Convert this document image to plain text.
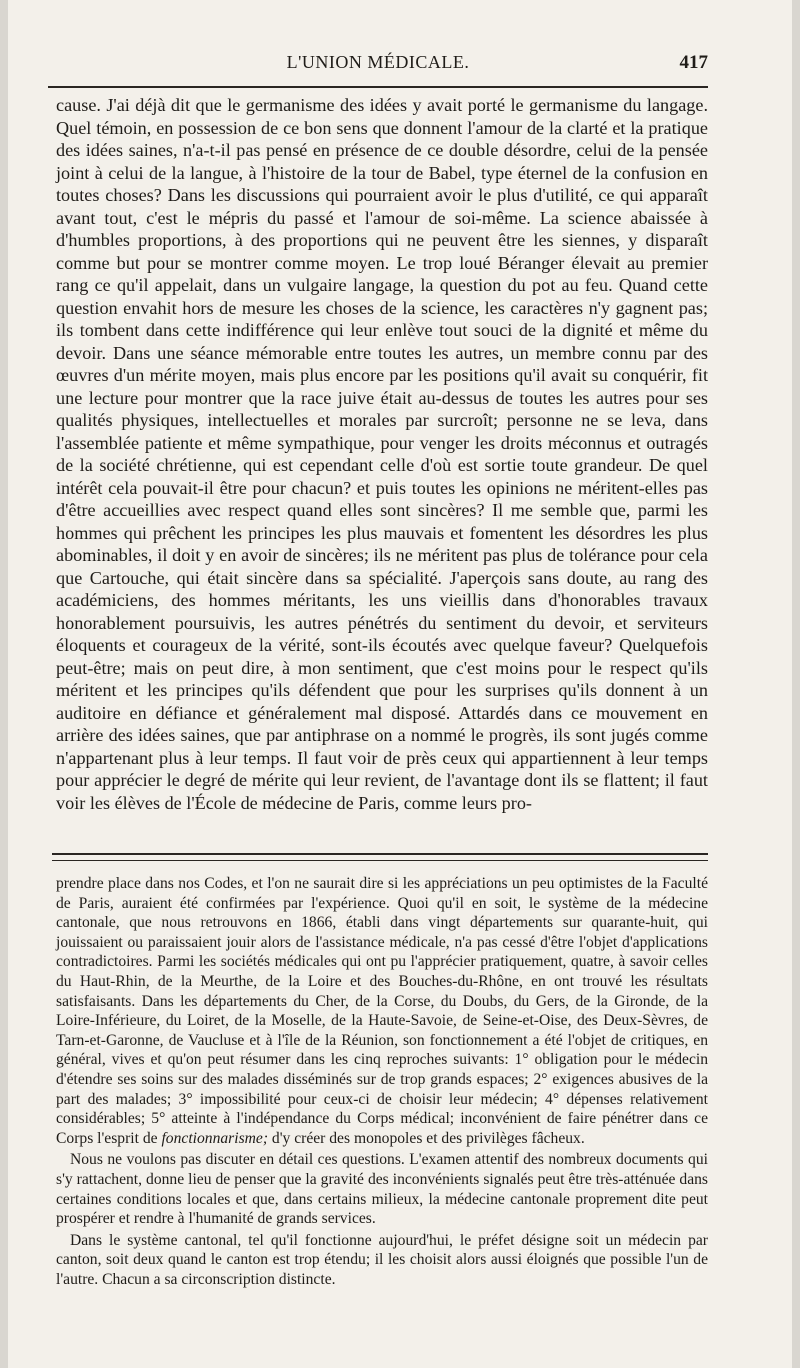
L'UNION MÉDICALE.	417

cause. J'ai déjà dit que le germanisme des idées y avait porté le germanisme du langage. Quel témoin, en possession de ce bon sens que donnent l'amour de la clarté et la pratique des idées saines, n'a-t-il pas pensé en présence de ce double désordre, celui de la pensée joint à celui de la langue, à l'histoire de la tour de Babel, type éternel de la confusion en toutes choses? Dans les discussions qui pourraient avoir le plus d'utilité, ce qui apparaît avant tout, c'est le mépris du passé et l'amour de soi-même. La science abaissée à d'humbles proportions, à des proportions qui ne peuvent être les siennes, y disparaît comme but pour se montrer comme moyen. Le trop loué Béranger élevait au premier rang ce qu'il appelait, dans un vulgaire langage, la question du pot au feu. Quand cette question envahit hors de mesure les choses de la science, les caractères n'y gagnent pas; ils tombent dans cette indifférence qui leur enlève tout souci de la dignité et même du devoir. Dans une séance mémorable entre toutes les autres, un membre connu par des œuvres d'un mérite moyen, mais plus encore par les positions qu'il avait su conquérir, fit une lecture pour montrer que la race juive était au-dessus de toutes les autres pour ses qualités physiques, intellectuelles et morales par surcroît; personne ne se leva, dans l'assemblée patiente et même sympathique, pour venger les droits méconnus et outragés de la société chrétienne, qui est cependant celle d'où est sortie toute grandeur. De quel intérêt cela pouvait-il être pour chacun? et puis toutes les opinions ne méritent-elles pas d'être accueillies avec respect quand elles sont sincères? Il me semble que, parmi les hommes qui prêchent les principes les plus mauvais et fomentent les désordres les plus abominables, il doit y en avoir de sincères; ils ne méritent pas plus de tolérance pour cela que Cartouche, qui était sincère dans sa spécialité. J'aperçois sans doute, au rang des académiciens, des hommes méritants, les uns vieillis dans d'honorables travaux honorablement poursuivis, les autres pénétrés du sentiment du devoir, et serviteurs éloquents et courageux de la vérité, sont-ils écoutés avec quelque faveur? Quelquefois peut-être; mais on peut dire, à mon sentiment, que c'est moins pour le respect qu'ils méritent et les principes qu'ils défendent que pour les surprises qu'ils donnent à un auditoire en défiance et généralement mal disposé. Attardés dans ce mouvement en arrière des idées saines, que par antiphrase on a nommé le progrès, ils sont jugés comme n'appartenant plus à leur temps. Il faut voir de près ceux qui appartiennent à leur temps pour apprécier le degré de mérite qui leur revient, de l'avantage dont ils se flattent; il faut voir les élèves de l'École de médecine de Paris, comme leurs pro-

prendre place dans nos Codes, et l'on ne saurait dire si les appréciations un peu optimistes de la Faculté de Paris, auraient été confirmées par l'expérience. Quoi qu'il en soit, le système de la médecine cantonale, que nous retrouvons en 1866, établi dans vingt départements sur quarante-huit, qui jouissaient ou paraissaient jouir alors de l'assistance médicale, n'a pas cessé d'être l'objet d'applications contradictoires. Parmi les sociétés médicales qui ont pu l'apprécier pratiquement, quatre, à savoir celles du Haut-Rhin, de la Meurthe, de la Loire et des Bouches-du-Rhône, en ont trouvé les résultats satisfaisants. Dans les départements du Cher, de la Corse, du Doubs, du Gers, de la Gironde, de la Loire-Inférieure, du Loiret, de la Moselle, de la Haute-Savoie, de Seine-et-Oise, des Deux-Sèvres, de Tarn-et-Garonne, de Vaucluse et à l'île de la Réunion, son fonctionnement a été l'objet de critiques, en général, vives et qu'on peut résumer dans les cinq reproches suivants: 1° obligation pour le médecin d'étendre ses soins sur des malades disséminés sur de trop grands espaces; 2° exigences abusives de la part des malades; 3° impossibilité pour ceux-ci de choisir leur médecin; 4° dépenses relativement considérables; 5° atteinte à l'indépendance du Corps médical; inconvénient de faire pénétrer dans ce Corps l'esprit de fonctionnarisme; d'y créer des monopoles et des privilèges fâcheux.

Nous ne voulons pas discuter en détail ces questions. L'examen attentif des nombreux documents qui s'y rattachent, donne lieu de penser que la gravité des inconvénients signalés peut être très-atténuée dans certaines conditions locales et que, dans certains milieux, la médecine cantonale proprement dite peut prospérer et rendre à l'humanité de grands services.

Dans le système cantonal, tel qu'il fonctionne aujourd'hui, le préfet désigne soit un médecin par canton, soit deux quand le canton est trop étendu; il les choisit alors aussi éloignés que possible l'un de l'autre. Chacun a sa circonscription distincte.
